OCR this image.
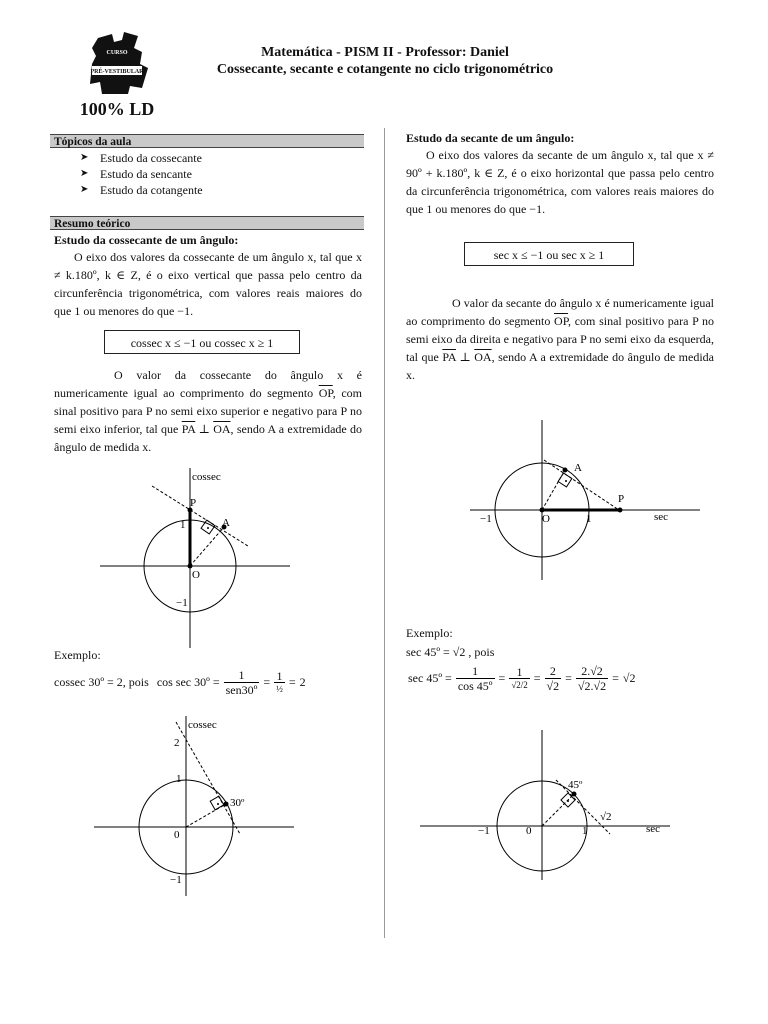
CURSO
PRÉ-VESTIBULAR
100% LD
Matemática - PISM II - Professor: Daniel
Cossecante, secante e cotangente no ciclo trigonométrico
Tópicos da aula
➤ Estudo da cossecante
➤ Estudo da sencante
➤ Estudo da cotangente
Resumo teórico
Estudo da cossecante de um ângulo:
O eixo dos valores da cossecante de um ângulo x, tal que x ≠ k.180º, k ∈ Z, é o eixo vertical que passa pelo centro da circunferência trigonométrica, com valores reais maiores do que 1 ou menores do que −1.
cossec x ≤ −1 ou cossec x ≥ 1
O valor da cossecante do ângulo x é numericamente igual ao comprimento do segmento $\overline{OP}$, com sinal positivo para P no semi eixo superior e negativo para P no semi eixo inferior, tal que $\overline{PA}$ ⊥ $\overline{OA}$, sendo A a extremidade do ângulo de medida x.
cossec
P
A
O
1
−1
Exemplo:
cossec 30º = 2, pois cos sec 30º = 1
sen30º
= 1
½ = 2
cossec
2
1
0
−1
30º
Estudo da secante de um ângulo:
O eixo dos valores da secante de um ângulo x, tal que x ≠ 90º + k.180º, k ∈ Z, é o eixo horizontal que passa pelo centro da circunferência trigonométrica, com valores reais maiores do que 1 ou menores do que −1.
sec x ≤ −1 ou sec x ≥ 1
O valor da secante do ângulo x é numericamente igual ao comprimento do segmento $\overline{OP}$, com sinal positivo para P no semi eixo da direita e negativo para P no semi eixo da esquerda, tal que $\overline{PA}$ ⊥ $\overline{OA}$, sendo A a extremidade do ângulo de medida x.
A
P
O	1
−1	sec
Exemplo:
sec 45º = √2 , pois
sec 45º = $\frac{1}{\text{cos 45º}} = 1$
$√2/2 = \frac{2}{√2} = \frac{2.√2}{√2.√2} = √2$
45º
√2
0	1
−1	sec
